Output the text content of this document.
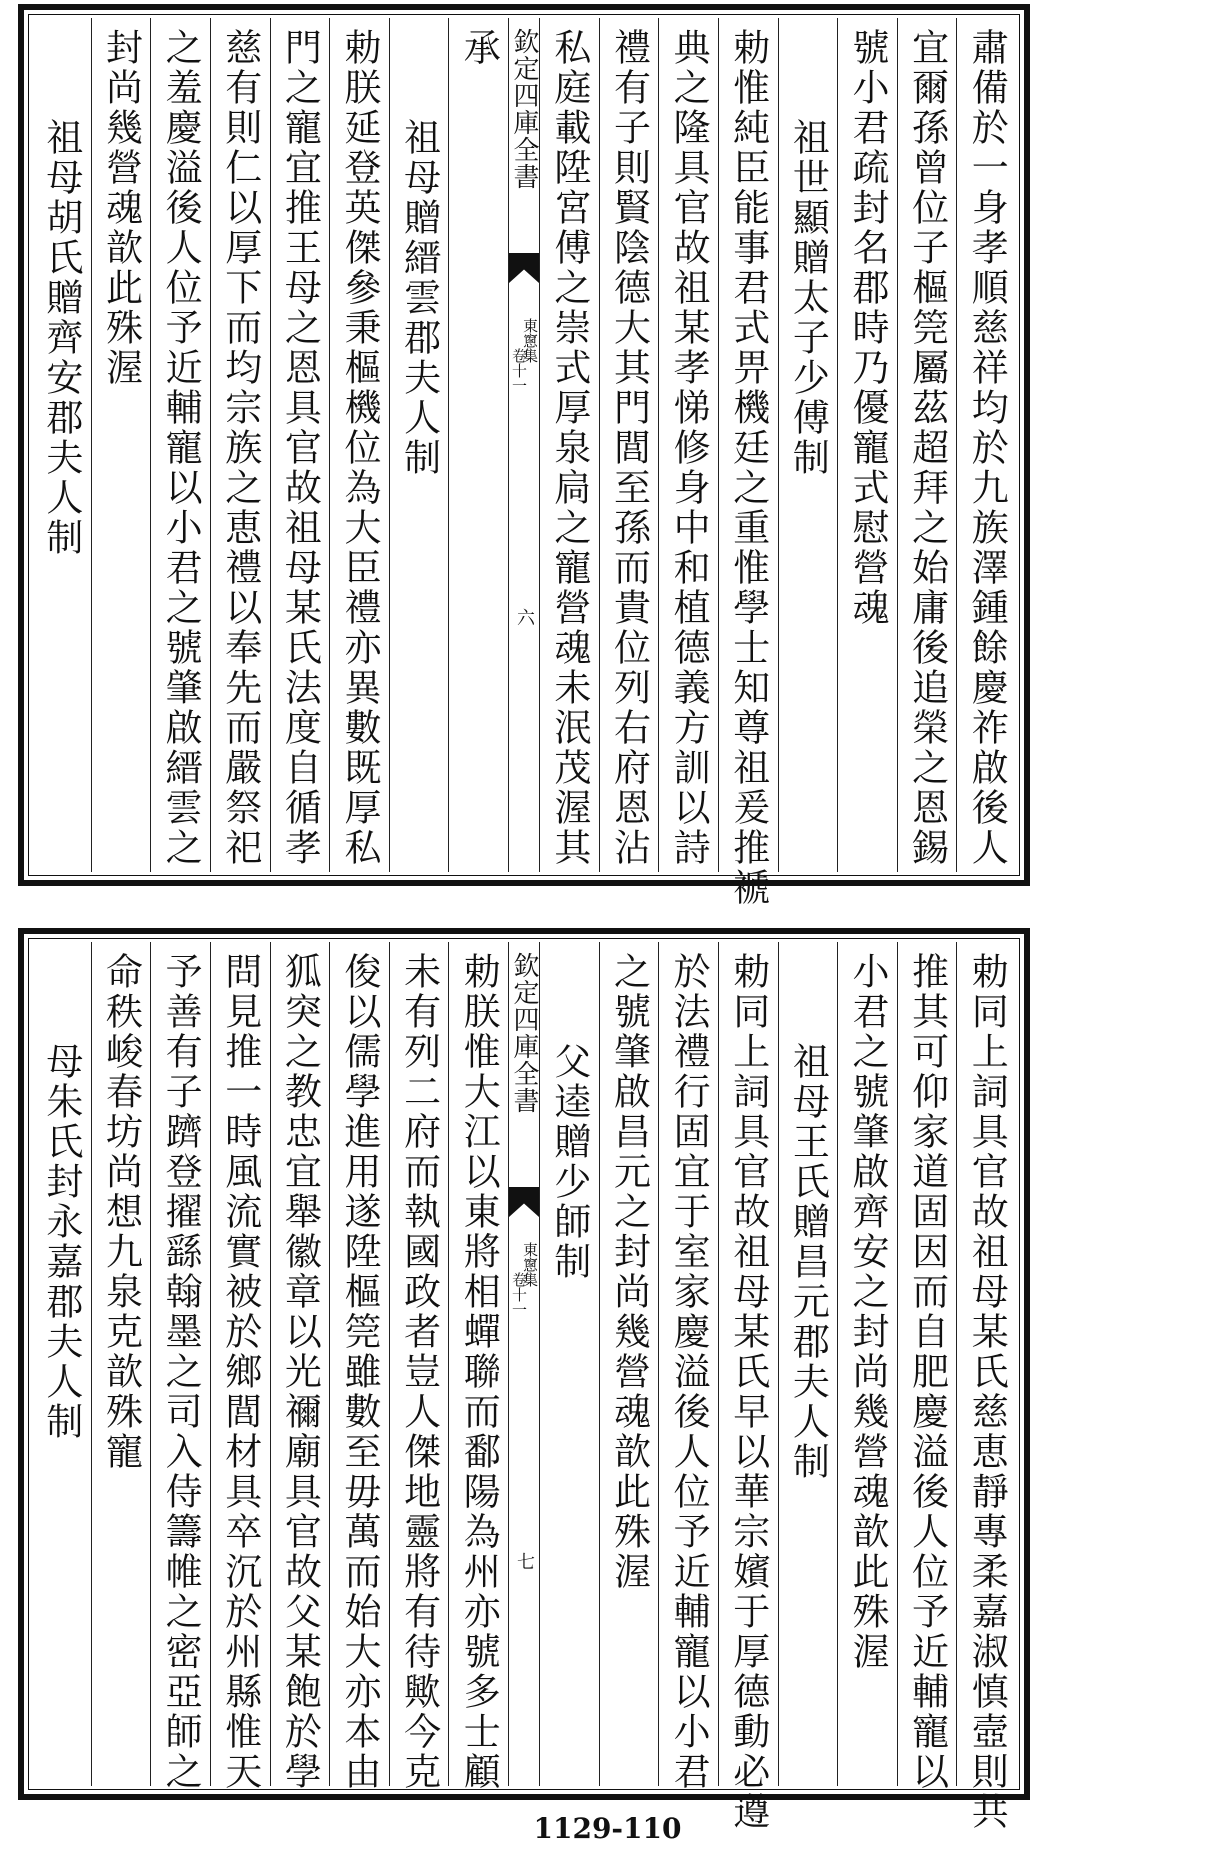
肅備於一身孝順慈祥均於九族澤鍾餘慶祚啟後人
宜爾孫曾位子樞筦屬茲超拜之始庸後追榮之恩錫
號小君疏封名郡時乃優寵式慰營魂
祖世顯贈太子少傅制
勅惟純臣能事君式畀機廷之重惟學士知尊祖爰推褫
典之隆具官故祖某孝悌修身中和植德義方訓以詩
禮有子則賢陰德大其門閭至孫而貴位列右府恩沾
私庭載陞宮傅之崇式厚泉扃之寵營魂未泯茂渥其
欽定四庫全書
東窻集
卷十一
六
承
祖母贈縉雲郡夫人制
勅朕延登英傑參秉樞機位為大臣禮亦異數既厚私
門之寵宜推王母之恩具官故祖母某氏法度自循孝
慈有則仁以厚下而均宗族之恵禮以奉先而嚴祭祀
之羞慶溢後人位予近輔寵以小君之號肇啟縉雲之
封尚幾營魂歆此殊渥
祖母胡氏贈齊安郡夫人制
勅同上詞具官故祖母某氏慈恵靜專柔嘉淑慎壼則共
推其可仰家道固因而自肥慶溢後人位予近輔寵以
小君之號肇啟齊安之封尚幾營魂歆此殊渥
祖母王氏贈昌元郡夫人制
勅同上詞具官故祖母某氏早以華宗嬪于厚德動必遵
於法禮行固宜于室家慶溢後人位予近輔寵以小君
之號肇啟昌元之封尚幾營魂歆此殊渥
父逵贈少師制
欽定四庫全書
東窻集
卷十一
七
勅朕惟大江以東將相蟬聯而鄱陽為州亦號多士顧
未有列二府而執國政者豈人傑地靈將有待歟今克
俊以儒學進用遂陞樞筦雖數至毋萬而始大亦本由
狐突之教忠宜舉徽章以光禰廟具官故父某飽於學
問見推一時風流實被於鄉閭材具卒沉於州縣惟天
予善有子躋登擢繇翰墨之司入侍籌帷之密亞師之
命秩峻春坊尚想九泉克歆殊寵
母朱氏封永嘉郡夫人制
1129-110
